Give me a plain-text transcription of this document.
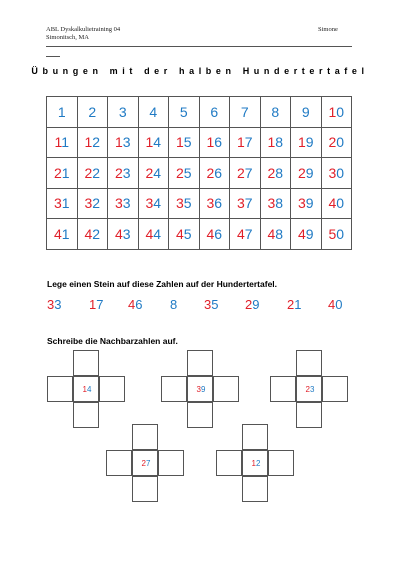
ABL Dyskalkulietraining 04
Simonitsch, MA
Simone
Übungen mit der halben Hundertertafel
1	2	3	4	5	6	7	8	9	10
11	12	13	14	15	16	17	18	19	20
21	22	23	24	25	26	27	28	29	30
31	32	33	34	35	36	37	38	39	40
41	42	43	44	45	46	47	48	49	50
Lege einen Stein auf diese Zahlen auf der Hundertertafel.
33 17 46 8 35 29 21 40
Schreibe die Nachbarzahlen auf.
14	39	23
27	12
